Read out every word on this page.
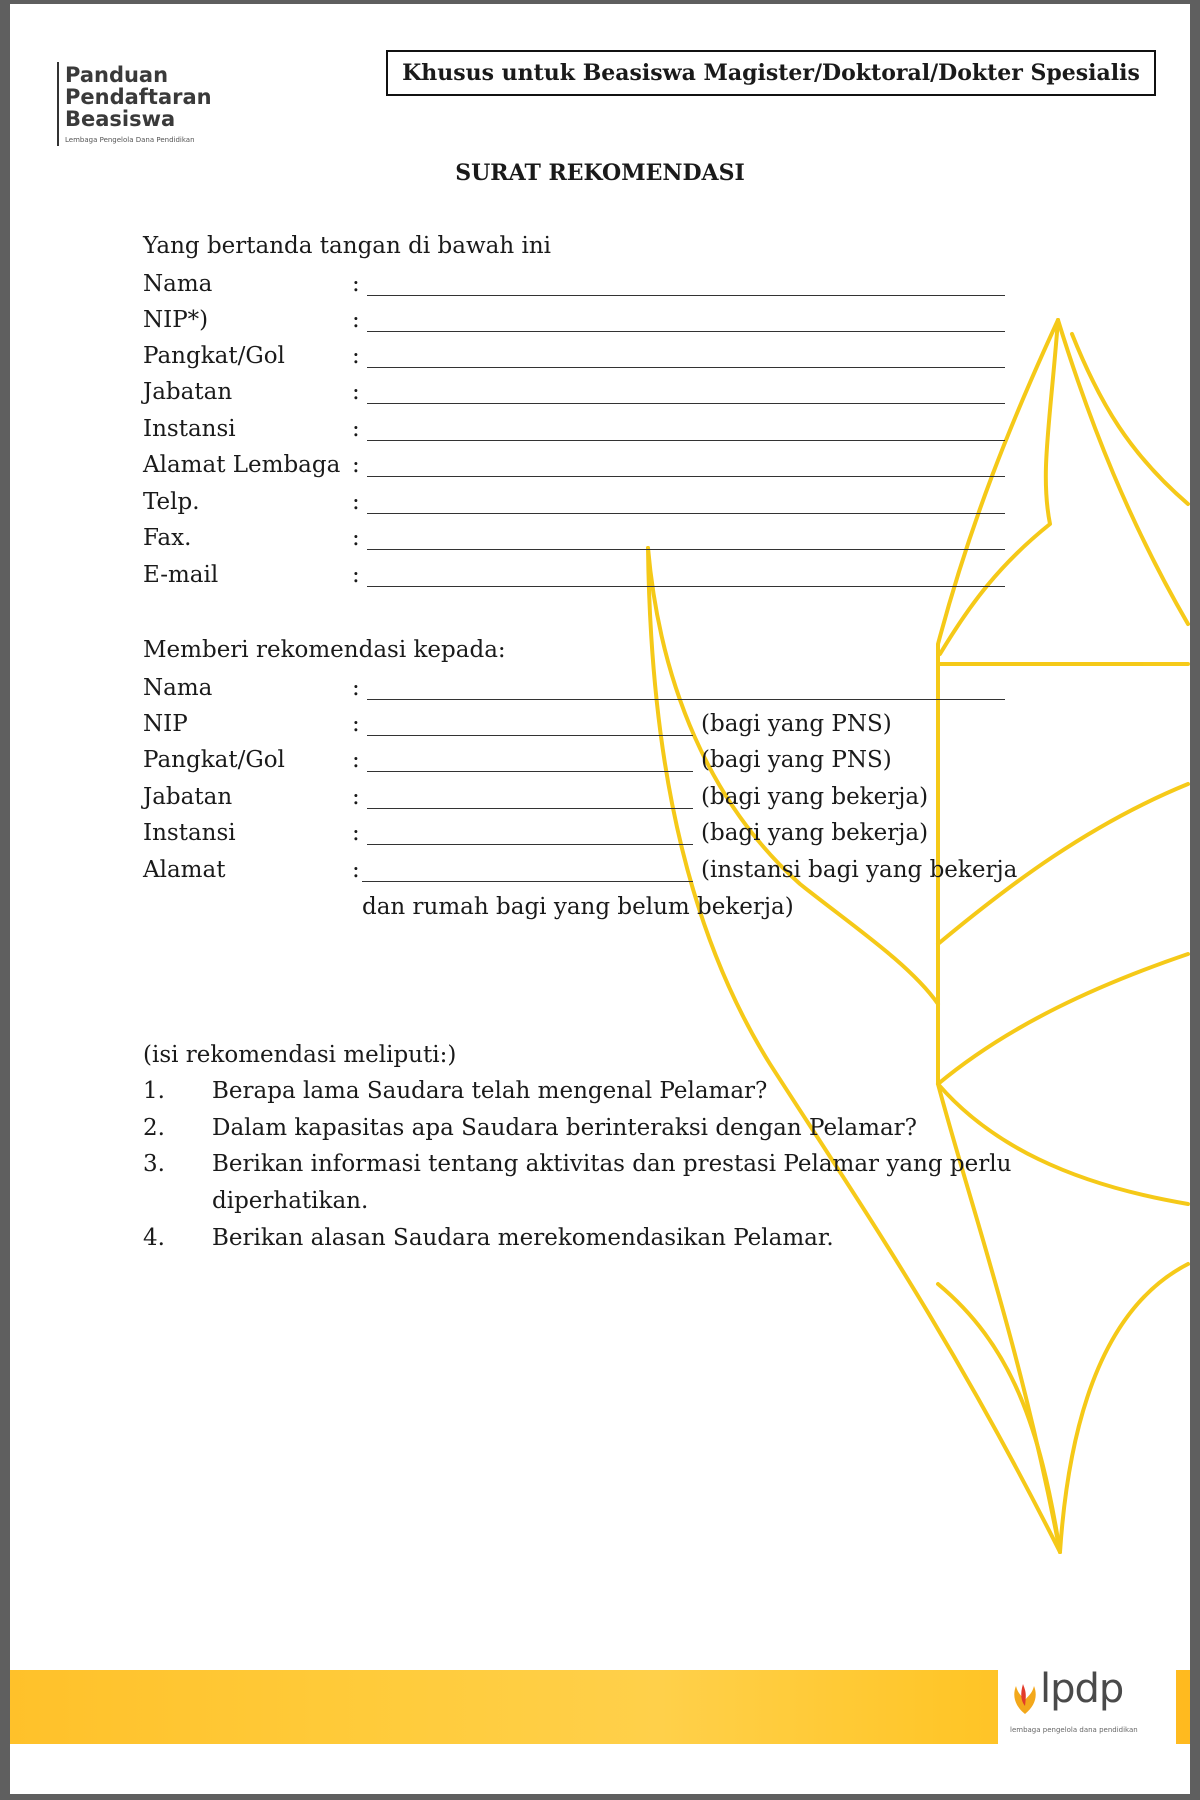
Panduan
Pendaftaran
Beasiswa
Lembaga Pengelola Dana Pendidikan
Khusus untuk Beasiswa Magister/Doktoral/Dokter Spesialis
SURAT REKOMENDASI
Yang bertanda tangan di bawah ini
Nama	:
NIP*)	:
Pangkat/Gol	:
Jabatan	:
Instansi	:
Alamat Lembaga :
Telp.	:
Fax.	:
E-mail	:
Memberi rekomendasi kepada:
Nama	:
NIP	:	(bagi yang PNS)
Pangkat/Gol	:	(bagi yang PNS)
Jabatan	:	(bagi yang bekerja)
Instansi	:	(bagi yang bekerja)
Alamat	:	(instansi bagi yang bekerja
dan rumah bagi yang belum bekerja)
(isi rekomendasi meliputi:)
1. Berapa lama Saudara telah mengenal Pelamar?
2. Dalam kapasitas apa Saudara berinteraksi dengan Pelamar?
3. Berikan informasi tentang aktivitas dan prestasi Pelamar yang perlu
diperhatikan.
4. Berikan alasan Saudara merekomendasikan Pelamar.
lpdp
lembaga pengelola dana pendidikan
